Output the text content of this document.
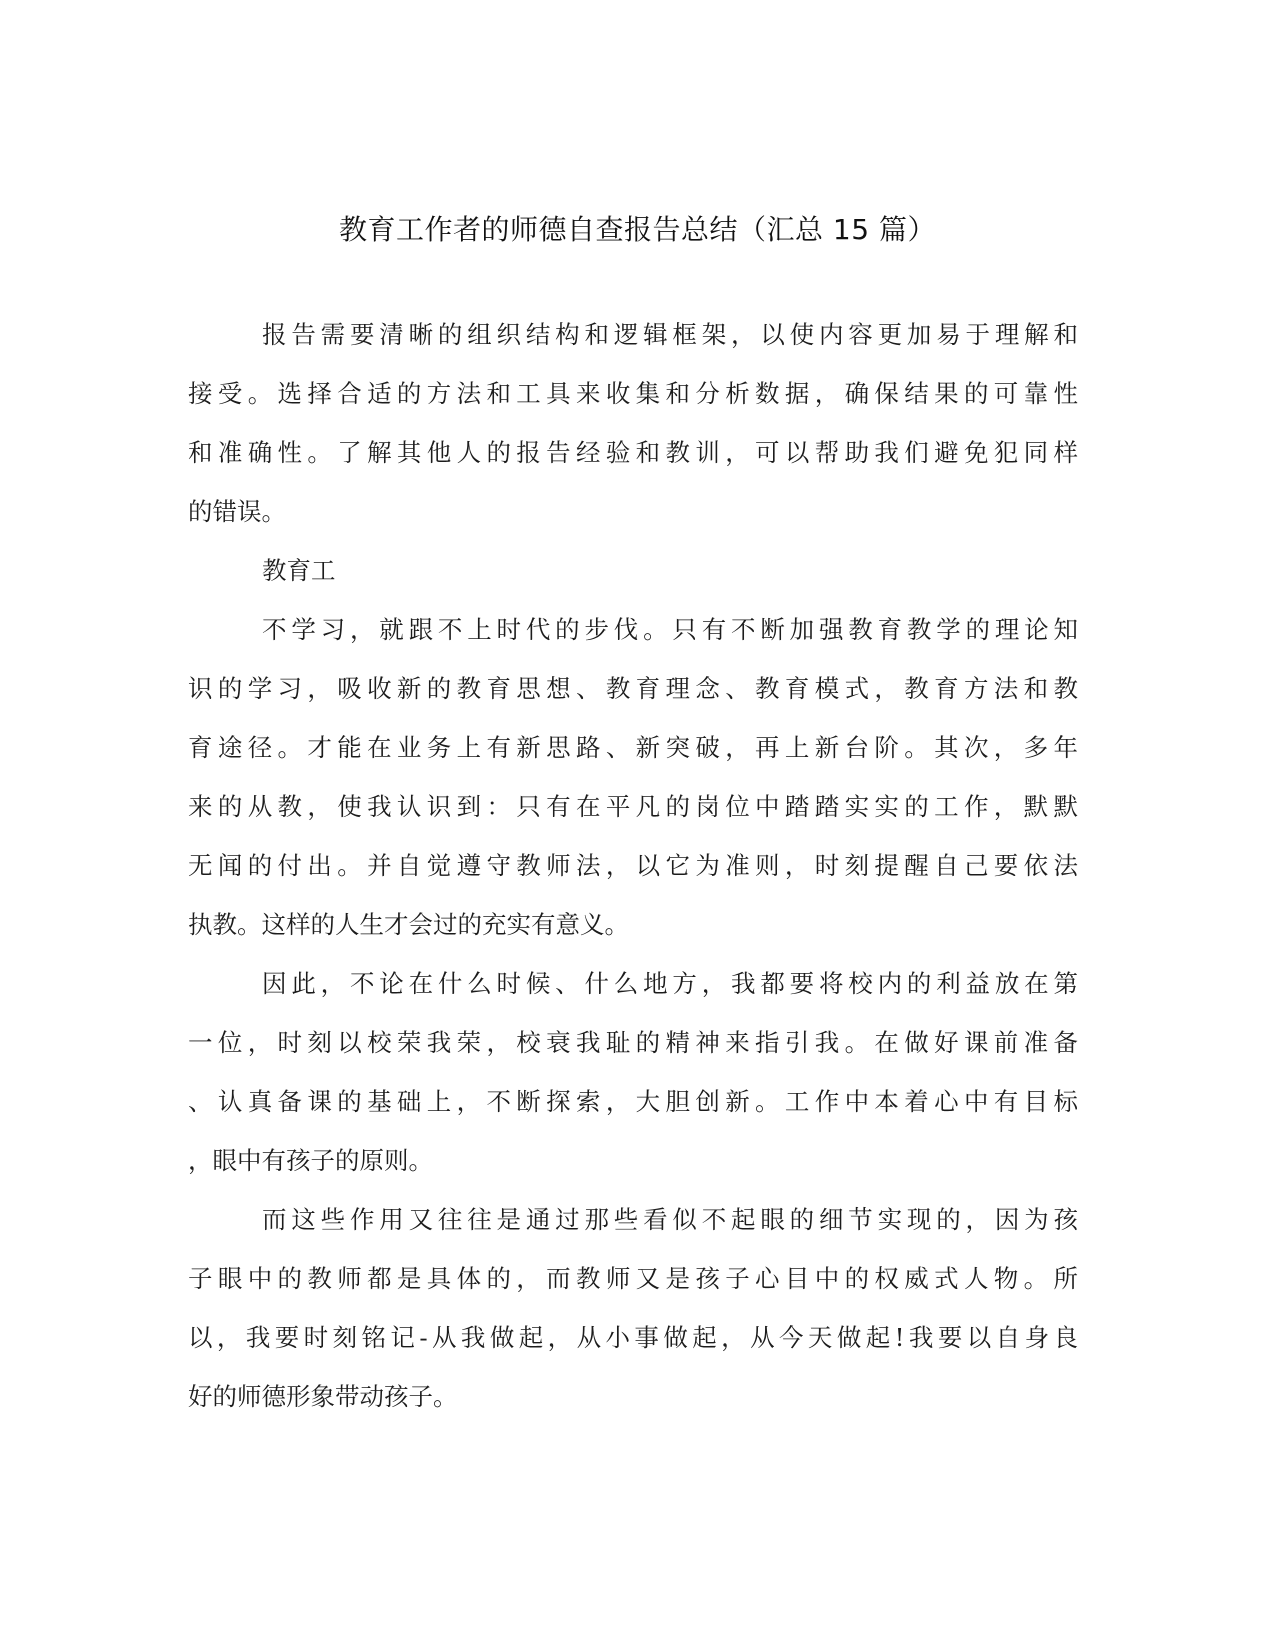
教育工作者的师德自查报告总结（汇总 15 篇）
报告需要清晰的组织结构和逻辑框架，以使内容更加易于理解和
接受。选择合适的方法和工具来收集和分析数据，确保结果的可靠性
和准确性。了解其他人的报告经验和教训，可以帮助我们避免犯同样
的错误。
教育工
不学习，就跟不上时代的步伐。只有不断加强教育教学的理论知
识的学习，吸收新的教育思想、教育理念、教育模式，教育方法和教
育途径。才能在业务上有新思路、新突破，再上新台阶。其次，多年
来的从教，使我认识到：只有在平凡的岗位中踏踏实实的工作，默默
无闻的付出。并自觉遵守教师法，以它为准则，时刻提醒自己要依法
执教。这样的人生才会过的充实有意义。
因此，不论在什么时候、什么地方，我都要将校内的利益放在第
一位，时刻以校荣我荣，校衰我耻的精神来指引我。在做好课前准备
、认真备课的基础上，不断探索，大胆创新。工作中本着心中有目标
，眼中有孩子的原则。
而这些作用又往往是通过那些看似不起眼的细节实现的，因为孩
子眼中的教师都是具体的，而教师又是孩子心目中的权威式人物。所
以，我要时刻铭记-从我做起，从小事做起，从今天做起!我要以自身良
好的师德形象带动孩子。
